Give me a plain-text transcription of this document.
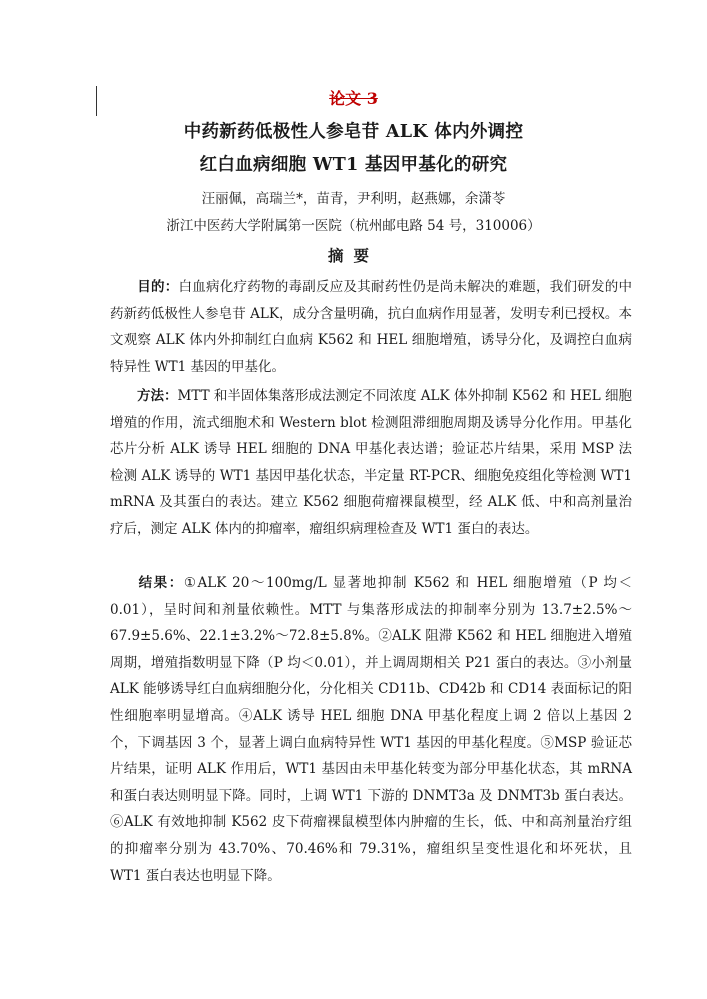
论文 3
中药新药低极性人参皂苷 ALK 体内外调控
红白血病细胞 WT1 基因甲基化的研究
汪丽佩，高瑞兰*，苗青，尹利明，赵燕娜，余潇苓
浙江中医药大学附属第一医院（杭州邮电路 54 号，310006）
摘要
目的：白血病化疗药物的毒副反应及其耐药性仍是尚未解决的难题，我们研发的中药新药低极性人参皂苷 ALK，成分含量明确，抗白血病作用显著，发明专利已授权。本文观察 ALK 体内外抑制红白血病 K562 和 HEL 细胞增殖，诱导分化，及调控白血病特异性 WT1 基因的甲基化。
方法：MTT 和半固体集落形成法测定不同浓度 ALK 体外抑制 K562 和 HEL 细胞增殖的作用，流式细胞术和 Western blot 检测阻滞细胞周期及诱导分化作用。甲基化芯片分析 ALK 诱导 HEL 细胞的 DNA 甲基化表达谱；验证芯片结果，采用 MSP 法检测 ALK 诱导的 WT1 基因甲基化状态，半定量 RT-PCR、细胞免疫组化等检测 WT1 mRNA 及其蛋白的表达。建立 K562 细胞荷瘤裸鼠模型，经 ALK 低、中和高剂量治疗后，测定 ALK 体内的抑瘤率，瘤组织病理检查及 WT1 蛋白的表达。
结果：①ALK 20～100mg/L 显著地抑制 K562 和 HEL 细胞增殖（P 均＜0.01），呈时间和剂量依赖性。MTT 与集落形成法的抑制率分别为 13.7±2.5%～67.9±5.6%、22.1±3.2%～72.8±5.8%。②ALK 阻滞 K562 和 HEL 细胞进入增殖周期，增殖指数明显下降（P 均＜0.01），并上调周期相关 P21 蛋白的表达。③小剂量 ALK 能够诱导红白血病细胞分化，分化相关 CD11b、CD42b 和 CD14 表面标记的阳性细胞率明显增高。④ALK 诱导 HEL 细胞 DNA 甲基化程度上调 2 倍以上基因 2 个，下调基因 3 个，显著上调白血病特异性 WT1 基因的甲基化程度。⑤MSP 验证芯片结果，证明 ALK 作用后，WT1 基因由未甲基化转变为部分甲基化状态，其 mRNA 和蛋白表达则明显下降。同时，上调 WT1 下游的 DNMT3a 及 DNMT3b 蛋白表达。⑥ALK 有效地抑制 K562 皮下荷瘤裸鼠模型体内肿瘤的生长，低、中和高剂量治疗组的抑瘤率分别为 43.70%、70.46%和 79.31%，瘤组织呈变性退化和坏死状，且 WT1 蛋白表达也明显下降。
